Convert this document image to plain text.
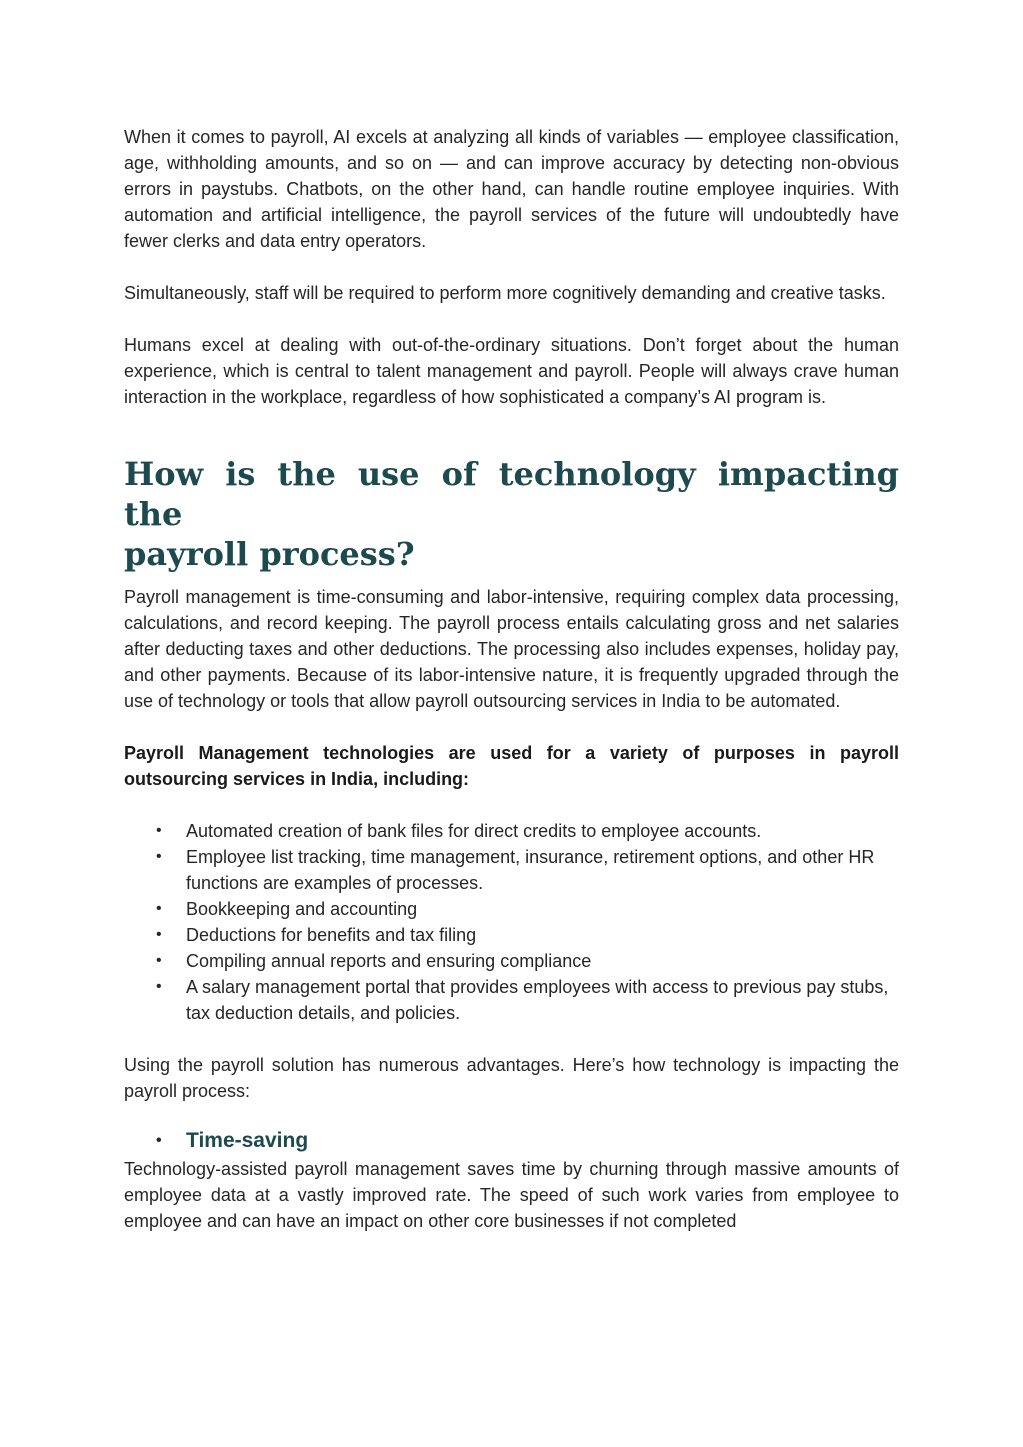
When it comes to payroll, AI excels at analyzing all kinds of variables — employee classification, age, withholding amounts, and so on — and can improve accuracy by detecting non-obvious errors in paystubs. Chatbots, on the other hand, can handle routine employee inquiries. With automation and artificial intelligence, the payroll services of the future will undoubtedly have fewer clerks and data entry operators.

Simultaneously, staff will be required to perform more cognitively demanding and creative tasks.

Humans excel at dealing with out-of-the-ordinary situations. Don’t forget about the human experience, which is central to talent management and payroll. People will always crave human interaction in the workplace, regardless of how sophisticated a company’s AI program is.

How is the use of technology impacting the
payroll process?

Payroll management is time-consuming and labor-intensive, requiring complex data processing, calculations, and record keeping. The payroll process entails calculating gross and net salaries after deducting taxes and other deductions. The processing also includes expenses, holiday pay, and other payments. Because of its labor-intensive nature, it is frequently upgraded through the use of technology or tools that allow payroll outsourcing services in India to be automated.

Payroll Management technologies are used for a variety of purposes in payroll outsourcing services in India, including:

• Automated creation of bank files for direct credits to employee accounts.
• Employee list tracking, time management, insurance, retirement options, and other HR functions are examples of processes.
• Bookkeeping and accounting
• Deductions for benefits and tax filing
• Compiling annual reports and ensuring compliance
• A salary management portal that provides employees with access to previous pay stubs, tax deduction details, and policies.

Using the payroll solution has numerous advantages. Here’s how technology is impacting the payroll process:

• Time-saving

Technology-assisted payroll management saves time by churning through massive amounts of employee data at a vastly improved rate. The speed of such work varies from employee to employee and can have an impact on other core businesses if not completed
